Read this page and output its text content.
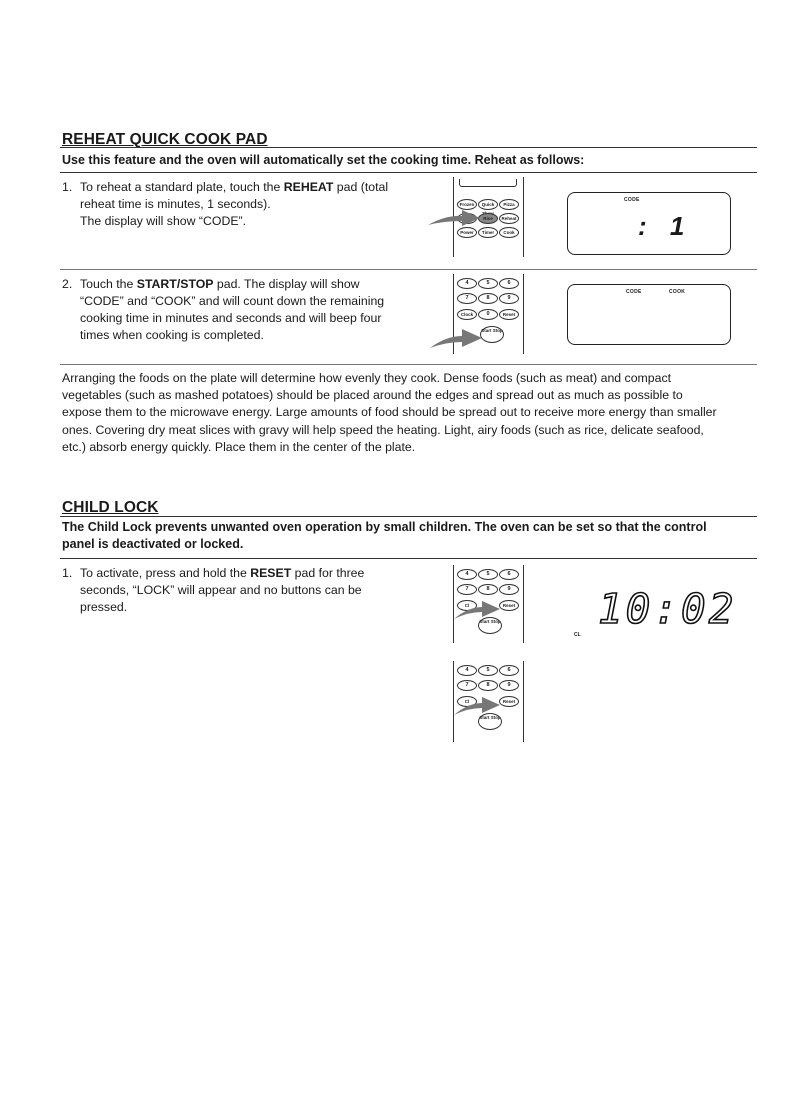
REHEAT QUICK COOK PAD
Use this feature and the oven will automatically set the cooking time. Reheat as follows:
1. To reheat a standard plate, touch the REHEAT pad (total
reheat time is minutes, 1 seconds).
The display will show “CODE”.
Frozen	Quick	Pizza
Rice	Reheat
Power	Timer	Cook
CODE
: 1
2. Touch the START/STOP pad. The display will show
“CODE” and “COOK” and will count down the remaining
cooking time in minutes and seconds and will beep four
times when cooking is completed.
4	5	6
7	8	9
Clock	0	Reset
Start Stop
CODE	COOK
Arranging the foods on the plate will determine how evenly they cook. Dense foods (such as meat) and compact
vegetables (such as mashed potatoes) should be placed around the edges and spread out as much as possible to
expose them to the microwave energy. Large amounts of food should be spread out to receive more energy than smaller
ones. Covering dry meat slices with gravy will help speed the heating. Light, airy foods (such as rice, delicate seafood,
etc.) absorb energy quickly. Place them in the center of the plate.
CHILD LOCK
The Child Lock prevents unwanted oven operation by small children. The oven can be set so that the control
panel is deactivated or locked.
1. To activate, press and hold the RESET pad for three
seconds, “LOCK” will appear and no buttons can be
pressed.
4	5	6
7	8	9
Cl	Reset
Start Stop 10:02
CL
4	5	6
7	8	9
Cl	Reset
Start Stop
